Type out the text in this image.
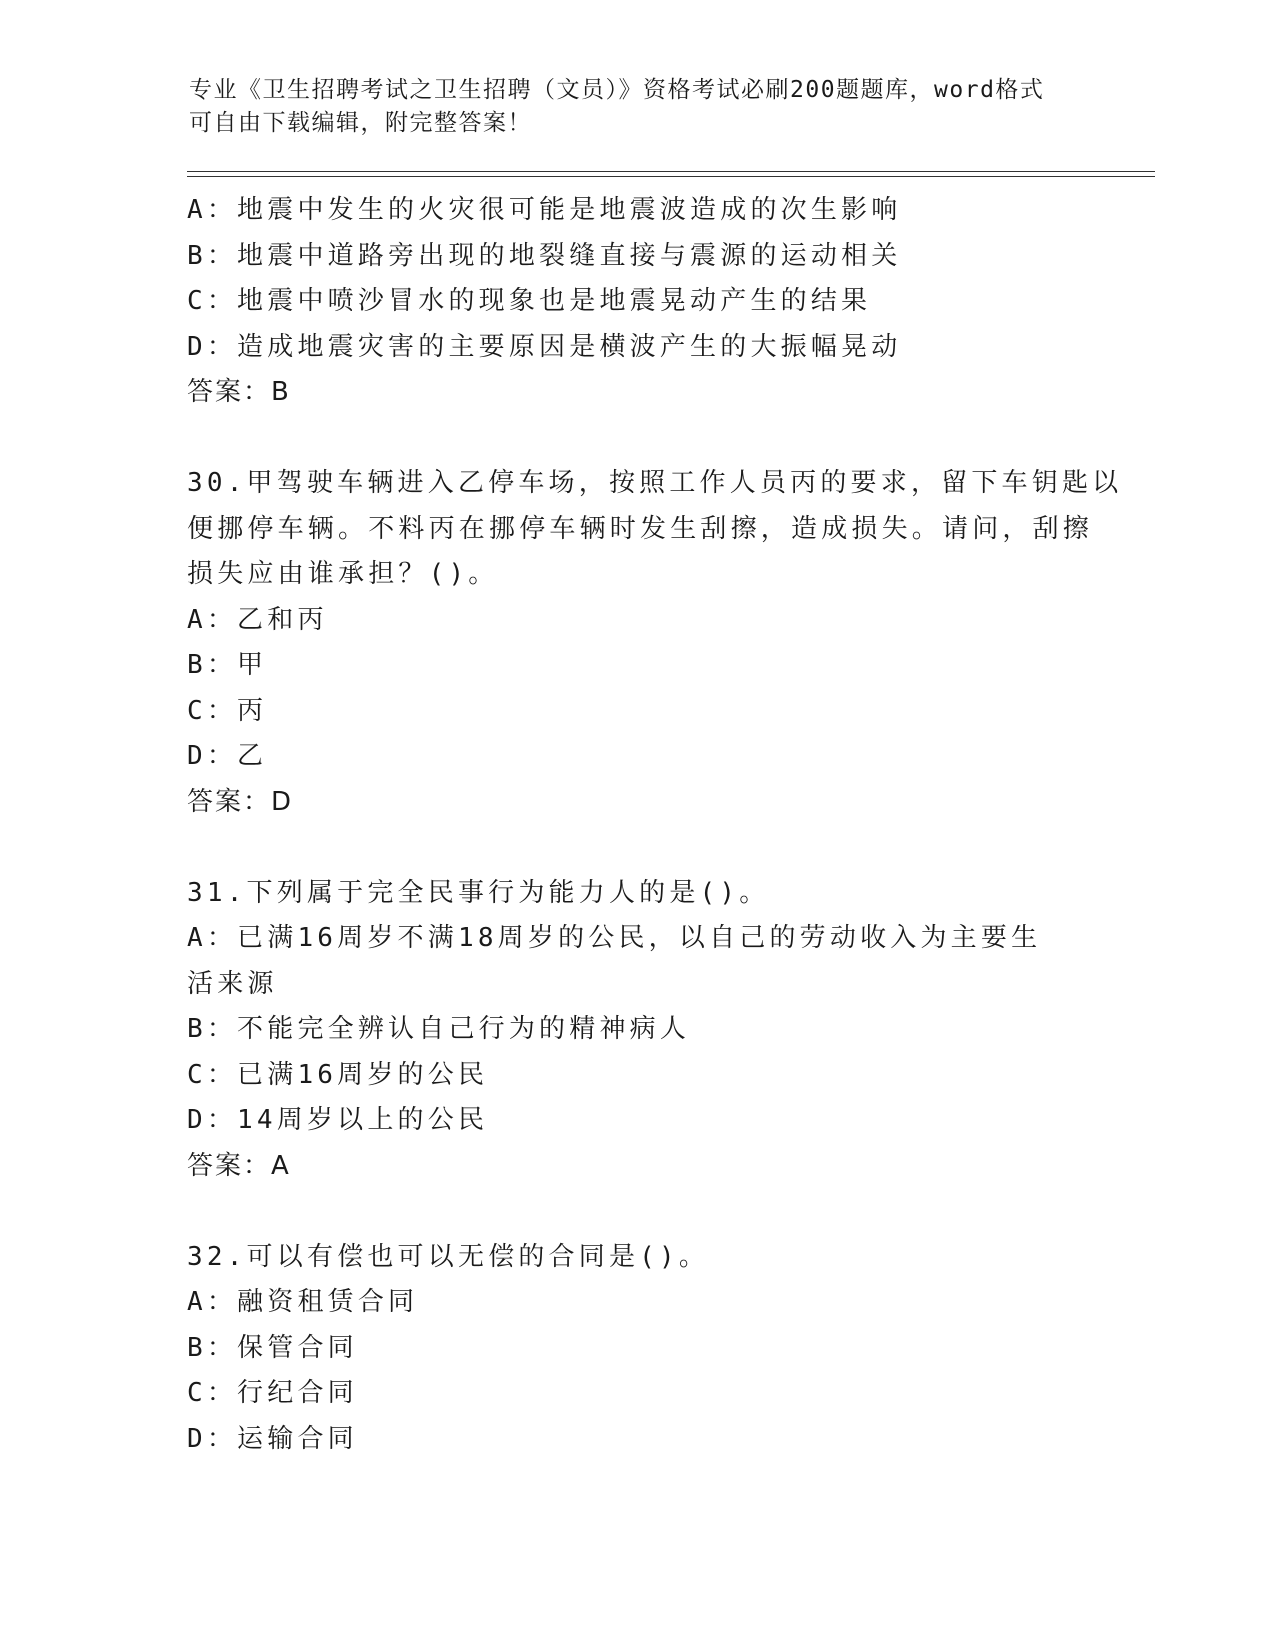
专业《卫生招聘考试之卫生招聘（文员）》资格考试必刷200题题库，word格式
可自由下载编辑，附完整答案！
A：地震中发生的火灾很可能是地震波造成的次生影响
B：地震中道路旁出现的地裂缝直接与震源的运动相关
C：地震中喷沙冒水的现象也是地震晃动产生的结果
D：造成地震灾害的主要原因是横波产生的大振幅晃动
答案：B
30.甲驾驶车辆进入乙停车场，按照工作人员丙的要求，留下车钥匙以
便挪停车辆。不料丙在挪停车辆时发生刮擦，造成损失。请问，刮擦
损失应由谁承担？()。
A：乙和丙
B：甲
C：丙
D：乙
答案：D
31.下列属于完全民事行为能力人的是()。
A：已满16周岁不满18周岁的公民，以自己的劳动收入为主要生活来源
B：不能完全辨认自己行为的精神病人
C：已满16周岁的公民
D：14周岁以上的公民
答案：A
32.可以有偿也可以无偿的合同是()。
A：融资租赁合同
B：保管合同
C：行纪合同
D：运输合同
